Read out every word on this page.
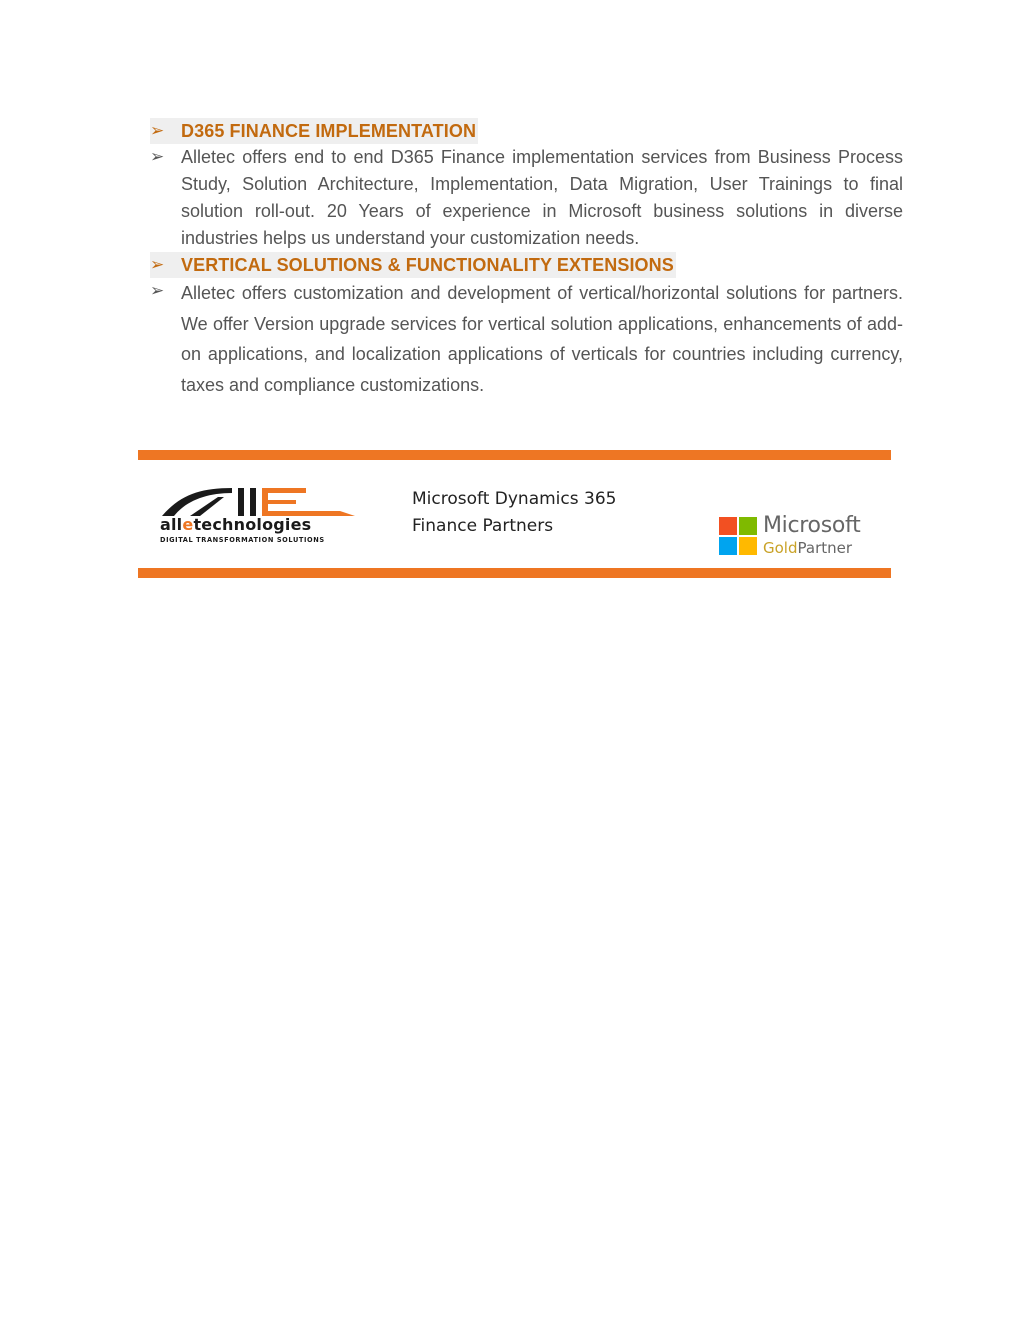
➢ D365 FINANCE IMPLEMENTATION
➢ Alletec offers end to end D365 Finance implementation services from Business Process Study, Solution Architecture, Implementation, Data Migration, User Trainings to final solution roll-out. 20 Years of experience in Microsoft business solutions in diverse industries helps us understand your customization needs.
➢ VERTICAL SOLUTIONS & FUNCTIONALITY EXTENSIONS
➢ Alletec offers customization and development of vertical/horizontal solutions for partners. We offer Version upgrade services for vertical solution applications, enhancements of add-on applications, and localization applications of verticals for countries including currency, taxes and compliance customizations.
alletechnologies
DIGITAL TRANSFORMATION SOLUTIONS
Microsoft Dynamics 365
Finance Partners	Microsoft
GoldPartner
